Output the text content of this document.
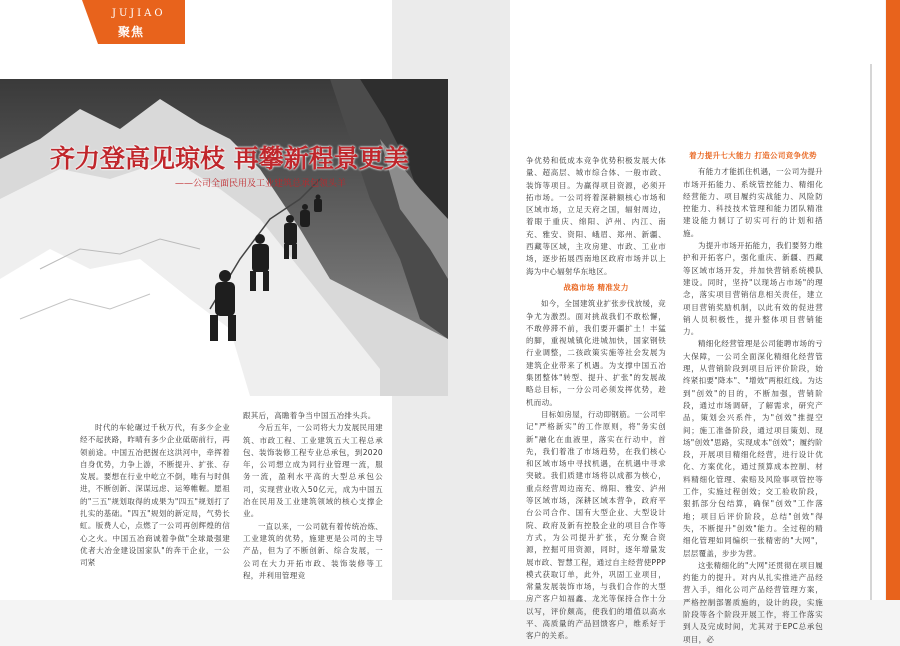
JUJIAO
聚焦
齐力登高见琼枝 再攀新程景更美
——公司全面民用及工业建筑总承包领头羊

时代的车轮碾过千秋万代，有多少企业经不起狭路，昨晴有多少企业砥砺前行，再领前途。中国五冶把握在这洪河中，牵挥着自身优势，力争上游，不断提升、扩张、存发展。要想在行业中屹立不倒，唯有与时俱进，不断创新、深谋远虑、运筹帷幄。愿祖的"三五"规划取得的成果为"四五"规划打了扎实的基础。"四五"规划的新定局，气势长虹。版费人心，点燃了一公司再创辉煌的信心之火。中国五冶商诚着争做"全球最强建优者大冶金建设国家队"的奔干企业，一公司紧

跟其后，高瞻着争当中国五冶排头兵。

今后五年，一公司将大力发展民用建筑、市政工程、工业建筑五大工程总承包、装饰装修工程专业总承包，到2020年，公司想立成为同行业管理一流，服务一流，盈利水平高的大型总承包公司，实现营业收入50亿元，成为中国五冶在民用及工业建筑领域的核心支撑企业。

一直以来，一公司就有着传统冶炼、工业建筑的优势，施建更是公司的主导产品，但为了不断创新、综合发展，一公司在大力开拓市政、装饰装修等工程，并利用管理竞

争优势和低成本竞争优势积极发展大体量、超高层、城市综合体、一般市政、装饰等项目。为赢得项目资源，必须开拓市场。一公司将着深耕额核心市场和区域市场，立足天府之国，辐射周边，着眼于重庆、绵阳、泸州、内江、南充、雅安、资阳、峨眉、郑州、新疆、西藏等区域，主攻房建、市政、工业市场，逐步拓展西南地区政府市场并以上海为中心辐射华东地区。

战稳市场 精准发力

如今，全国建筑业扩张步伐放缓，竞争尤为激烈。面对挑战我们不敢松懈，不敢停滞不前，我们要开疆扩土！丰猛的脚，重视城镇化进城加快，国家钢铁行业调整，二孩政策实施等社会发展为建筑企业带来了机遇。为支撑中国五冶集团整体"转型、提升、扩张"的发展战略总目标，一分公司必须发挥优势，趁机而动。

目标如房屋，行动即钢筋。一公司牢记"严格新实"的工作原则，将"务实创新"融化在血液里，落实在行动中，首先，我们着准了市场趋势，在我们核心和区域市场中寻找机遇，在机遇中寻求突破。我们质建市场将以成都为核心，重点经营周边南充、绵阳、雅安、泸州等区域市场，深耕区域本营争，政府平台公司合作、国有大型企业、大型设计院、政府及新有控股企业的项目合作等方式，为公司提升扩张，充分聚合资源，控掘可用资源，同时，逐年增量发展市政、智慧工程，通过自主经营使PPP模式获取订单，此外，巩固工业项目，常量发展装饰市场，与我们合作的大型房产客户如福鑫、龙光等保持合作十分以写，评价颇高，使我们的增值以高水平、高质量的产品回馈客户，维系好于客户的关系。

着力提升七大能力 打造公司竞争优势

有能力才能抓住机遇，一公司为提升市场开拓能力、系统管控能力、精细化经营能力、项目履约实战能力、风险防控能力、科技技术管理和能力团队精准建设能力制订了切实可行的计划和措施。

为提升市场开拓能力，我们要努力维护和开拓客户，强化重庆、新疆、西藏等区域市场开发，并加快营销系统模队建设。同时，坚持"以现场占市场"的理念，落实项目营销信息相关责任，建立项目营销奖励机制，以此有效的促进营销人员积极性，提升整体项目营销能力。

精细化经营管理是公司能聘市场的亏大保障，一公司全面深化精细化经营管理，从营销阶段到项目后评价阶段，始终紧扣要"降本"、"增效"两根红线。为达到"创效"的目的，不断加强，营销阶段，通过市场调研，了解需求，研究产品，策划会兴系件，为"创效"推提空间；施工准备阶段，通过项目策划、现场"创效"思路，实现成本"创效"；履约阶段，开展项目精细化经营，进行设计优化、方案优化，通过预算成本控制、材料精细化管理、索赔及风险事项管控等工作，实施过程创效；交工验收阶段，狠抓部分包结算，确保"创效"工作落地；项目后评价阶段，总结"创效"得失，不断提升"创效"能力。全过程的精细化管理如同编织一张精密的"大网"，层层覆盖，步步为营。

这张精细化的"大网"还贯彻在项目履约能力的提升。对内从扎实推进产品经营入手，细化公司产品经营管理方案，严格控制部署质施的，设计的段，实施阶段等各个阶段开展工作，将工作落实到人及完成时间，尤其对于EPC总承包项目，必
